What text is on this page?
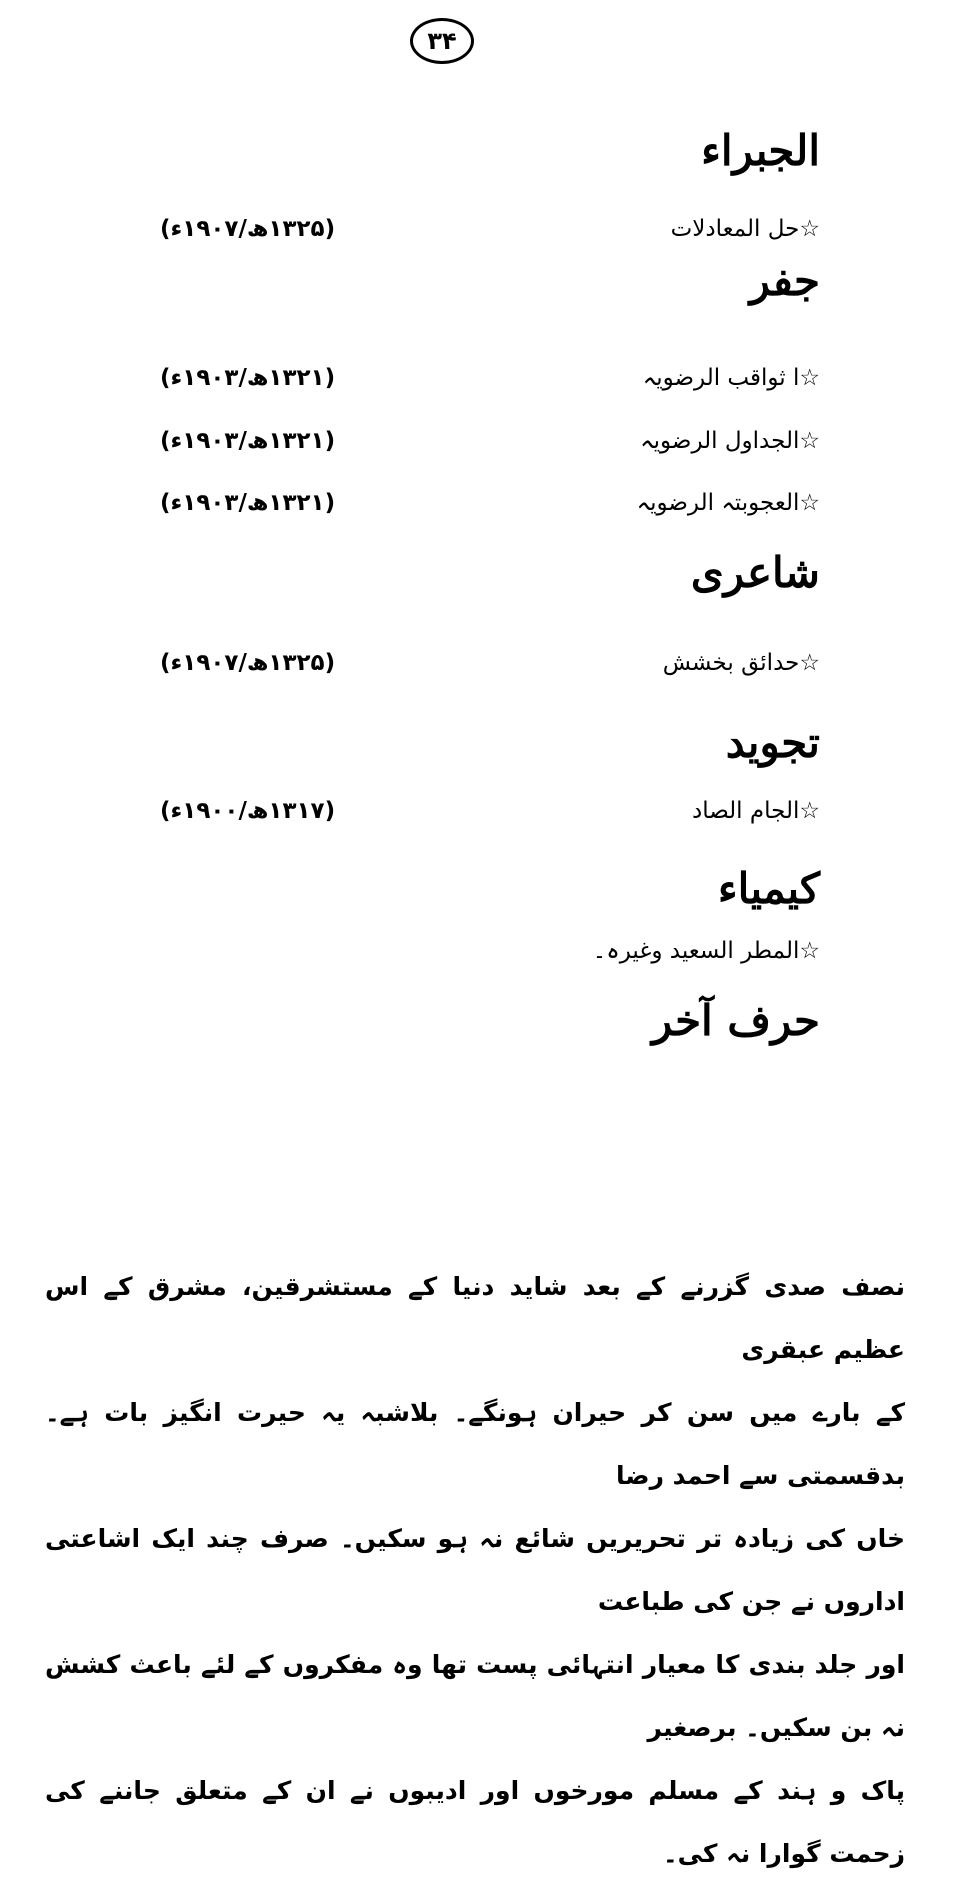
۳۴
الجبراء
☆حل المعادلات
(۱۳۲۵ھ/۱۹۰۷ء)
جفر
☆ا ثواقب الرضویہ
(۱۳۲۱ھ/۱۹۰۳ء)
☆الجداول الرضویہ
(۱۳۲۱ھ/۱۹۰۳ء)
☆العجوبتہ الرضویہ
(۱۳۲۱ھ/۱۹۰۳ء)
شاعری
☆حدائق بخشش
(۱۳۲۵ھ/۱۹۰۷ء)
تجوید
☆الجام الصاد
(۱۳۱۷ھ/۱۹۰۰ء)
کیمیاء
☆المطر السعید وغیرہ۔
حرف آخر
نصف صدی گزرنے کے بعد شاید دنیا کے مستشرقین، مشرق کے اس عظیم عبقری
کے بارے میں سن کر حیران ہونگے۔ بلاشبہ یہ حیرت انگیز بات ہے۔ بدقسمتی سے احمد رضا
خاں کی زیادہ تر تحریریں شائع نہ ہو سکیں۔ صرف چند ایک اشاعتی اداروں نے جن کی طباعت
اور جلد بندی کا معیار انتہائی پست تھا وہ مفکروں کے لئے باعث کشش نہ بن سکیں۔ برصغیر
پاک و ہند کے مسلم مورخوں اور ادیبوں نے ان کے متعلق جاننے کی زحمت گوارا نہ کی۔
